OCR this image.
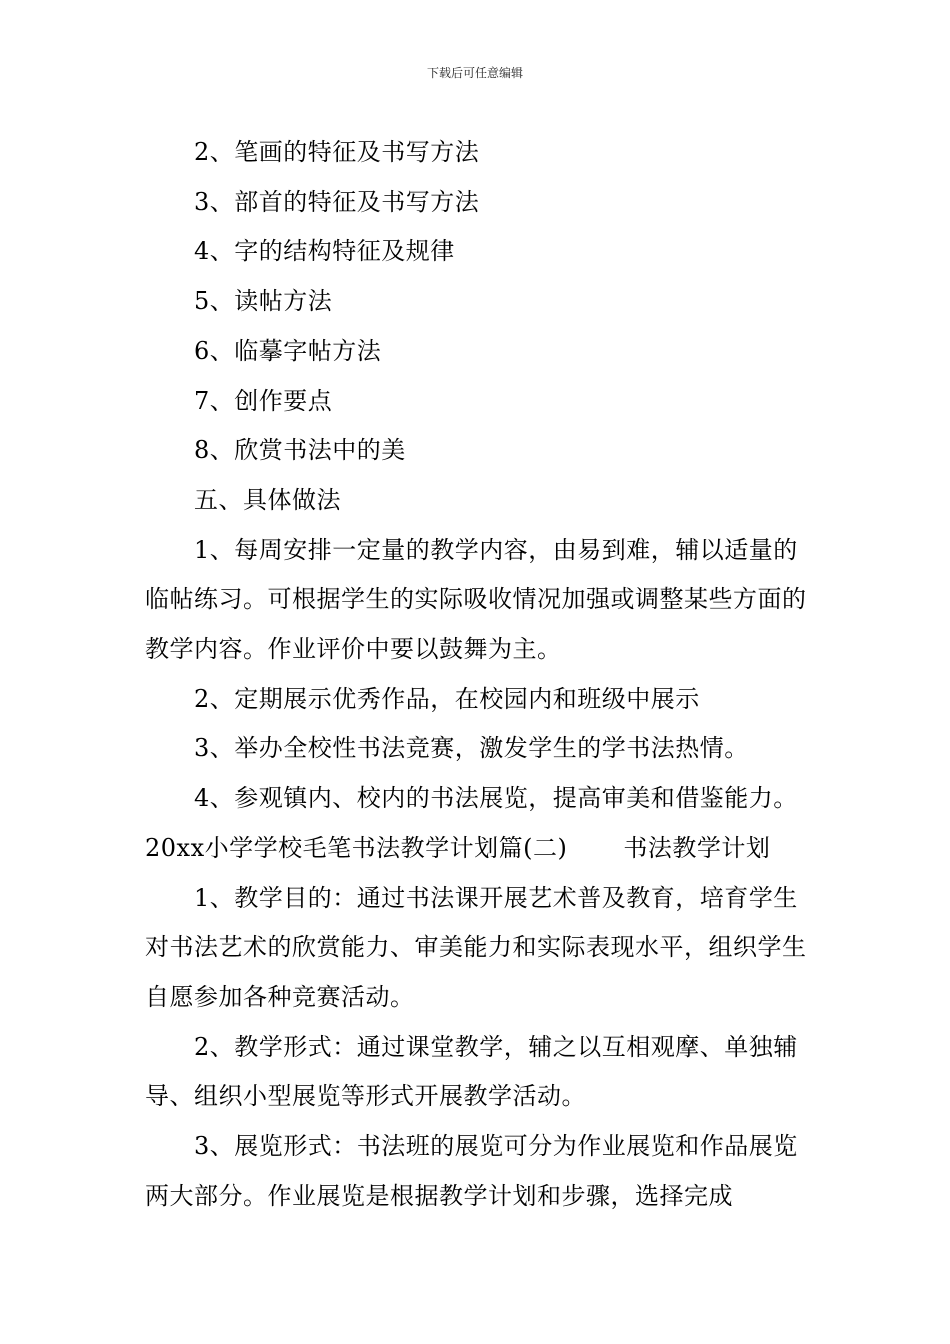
下载后可任意编辑

2、笔画的特征及书写方法

3、部首的特征及书写方法

4、字的结构特征及规律

5、读帖方法

6、临摹字帖方法

7、创作要点

8、欣赏书法中的美

五、具体做法

1、每周安排一定量的教学内容，由易到难，辅以适量的临帖练习。可根据学生的实际吸收情况加强或调整某些方面的教学内容。作业评价中要以鼓舞为主。

2、定期展示优秀作品，在校园内和班级中展示

3、举办全校性书法竞赛，激发学生的学书法热情。

4、参观镇内、校内的书法展览，提高审美和借鉴能力。

20xx小学学校毛笔书法教学计划篇(二) 书法教学计划

1、教学目的：通过书法课开展艺术普及教育，培育学生对书法艺术的欣赏能力、审美能力和实际表现水平，组织学生自愿参加各种竞赛活动。

2、教学形式：通过课堂教学，辅之以互相观摩、单独辅导、组织小型展览等形式开展教学活动。

3、展览形式：书法班的展览可分为作业展览和作品展览两大部分。作业展览是根据教学计划和步骤，选择完成
